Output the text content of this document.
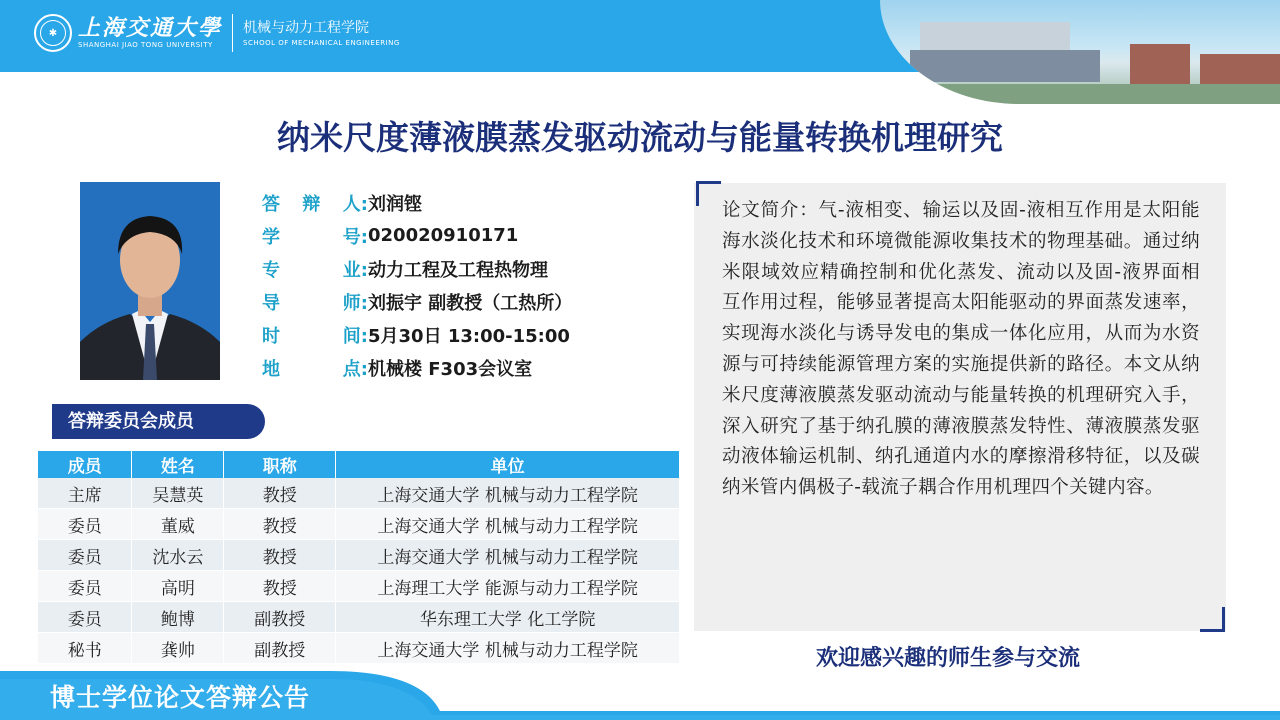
✱ 上海交通大學
SHANGHAI JIAO TONG UNIVERSITY
机械与动力工程学院
SCHOOL OF MECHANICAL ENGINEERING
纳米尺度薄液膜蒸发驱动流动与能量转换机理研究
答 辩 人: 刘润铿
学	号: 020020910171
专	业: 动力工程及工程热物理
导	师: 刘振宇 副教授（工热所）
时	间: 5月30日 13:00-15:00
地	点: 机械楼 F303会议室
答辩委员会成员
成员	姓名	职称	单位
主席	吴慧英	教授	上海交通大学 机械与动力工程学院
委员	董威	教授	上海交通大学 机械与动力工程学院
委员	沈水云	教授	上海交通大学 机械与动力工程学院
委员	高明	教授	上海理工大学 能源与动力工程学院
委员	鲍博	副教授	华东理工大学 化工学院
秘书	龚帅	副教授	上海交通大学 机械与动力工程学院
论文简介：气-液相变、输运以及固-液相互作用是太阳能海水淡化技术和环境微能源收集技术的物理基础。通过纳米限域效应精确控制和优化蒸发、流动以及固-液界面相互作用过程，能够显著提高太阳能驱动的界面蒸发速率，实现海水淡化与诱导发电的集成一体化应用，从而为水资源与可持续能源管理方案的实施提供新的路径。本文从纳米尺度薄液膜蒸发驱动流动与能量转换的机理研究入手，深入研究了基于纳孔膜的薄液膜蒸发特性、薄液膜蒸发驱动液体输运机制、纳孔通道内水的摩擦滑移特征，以及碳纳米管内偶极子-载流子耦合作用机理四个关键内容。
欢迎感兴趣的师生参与交流
博士学位论文答辩公告
